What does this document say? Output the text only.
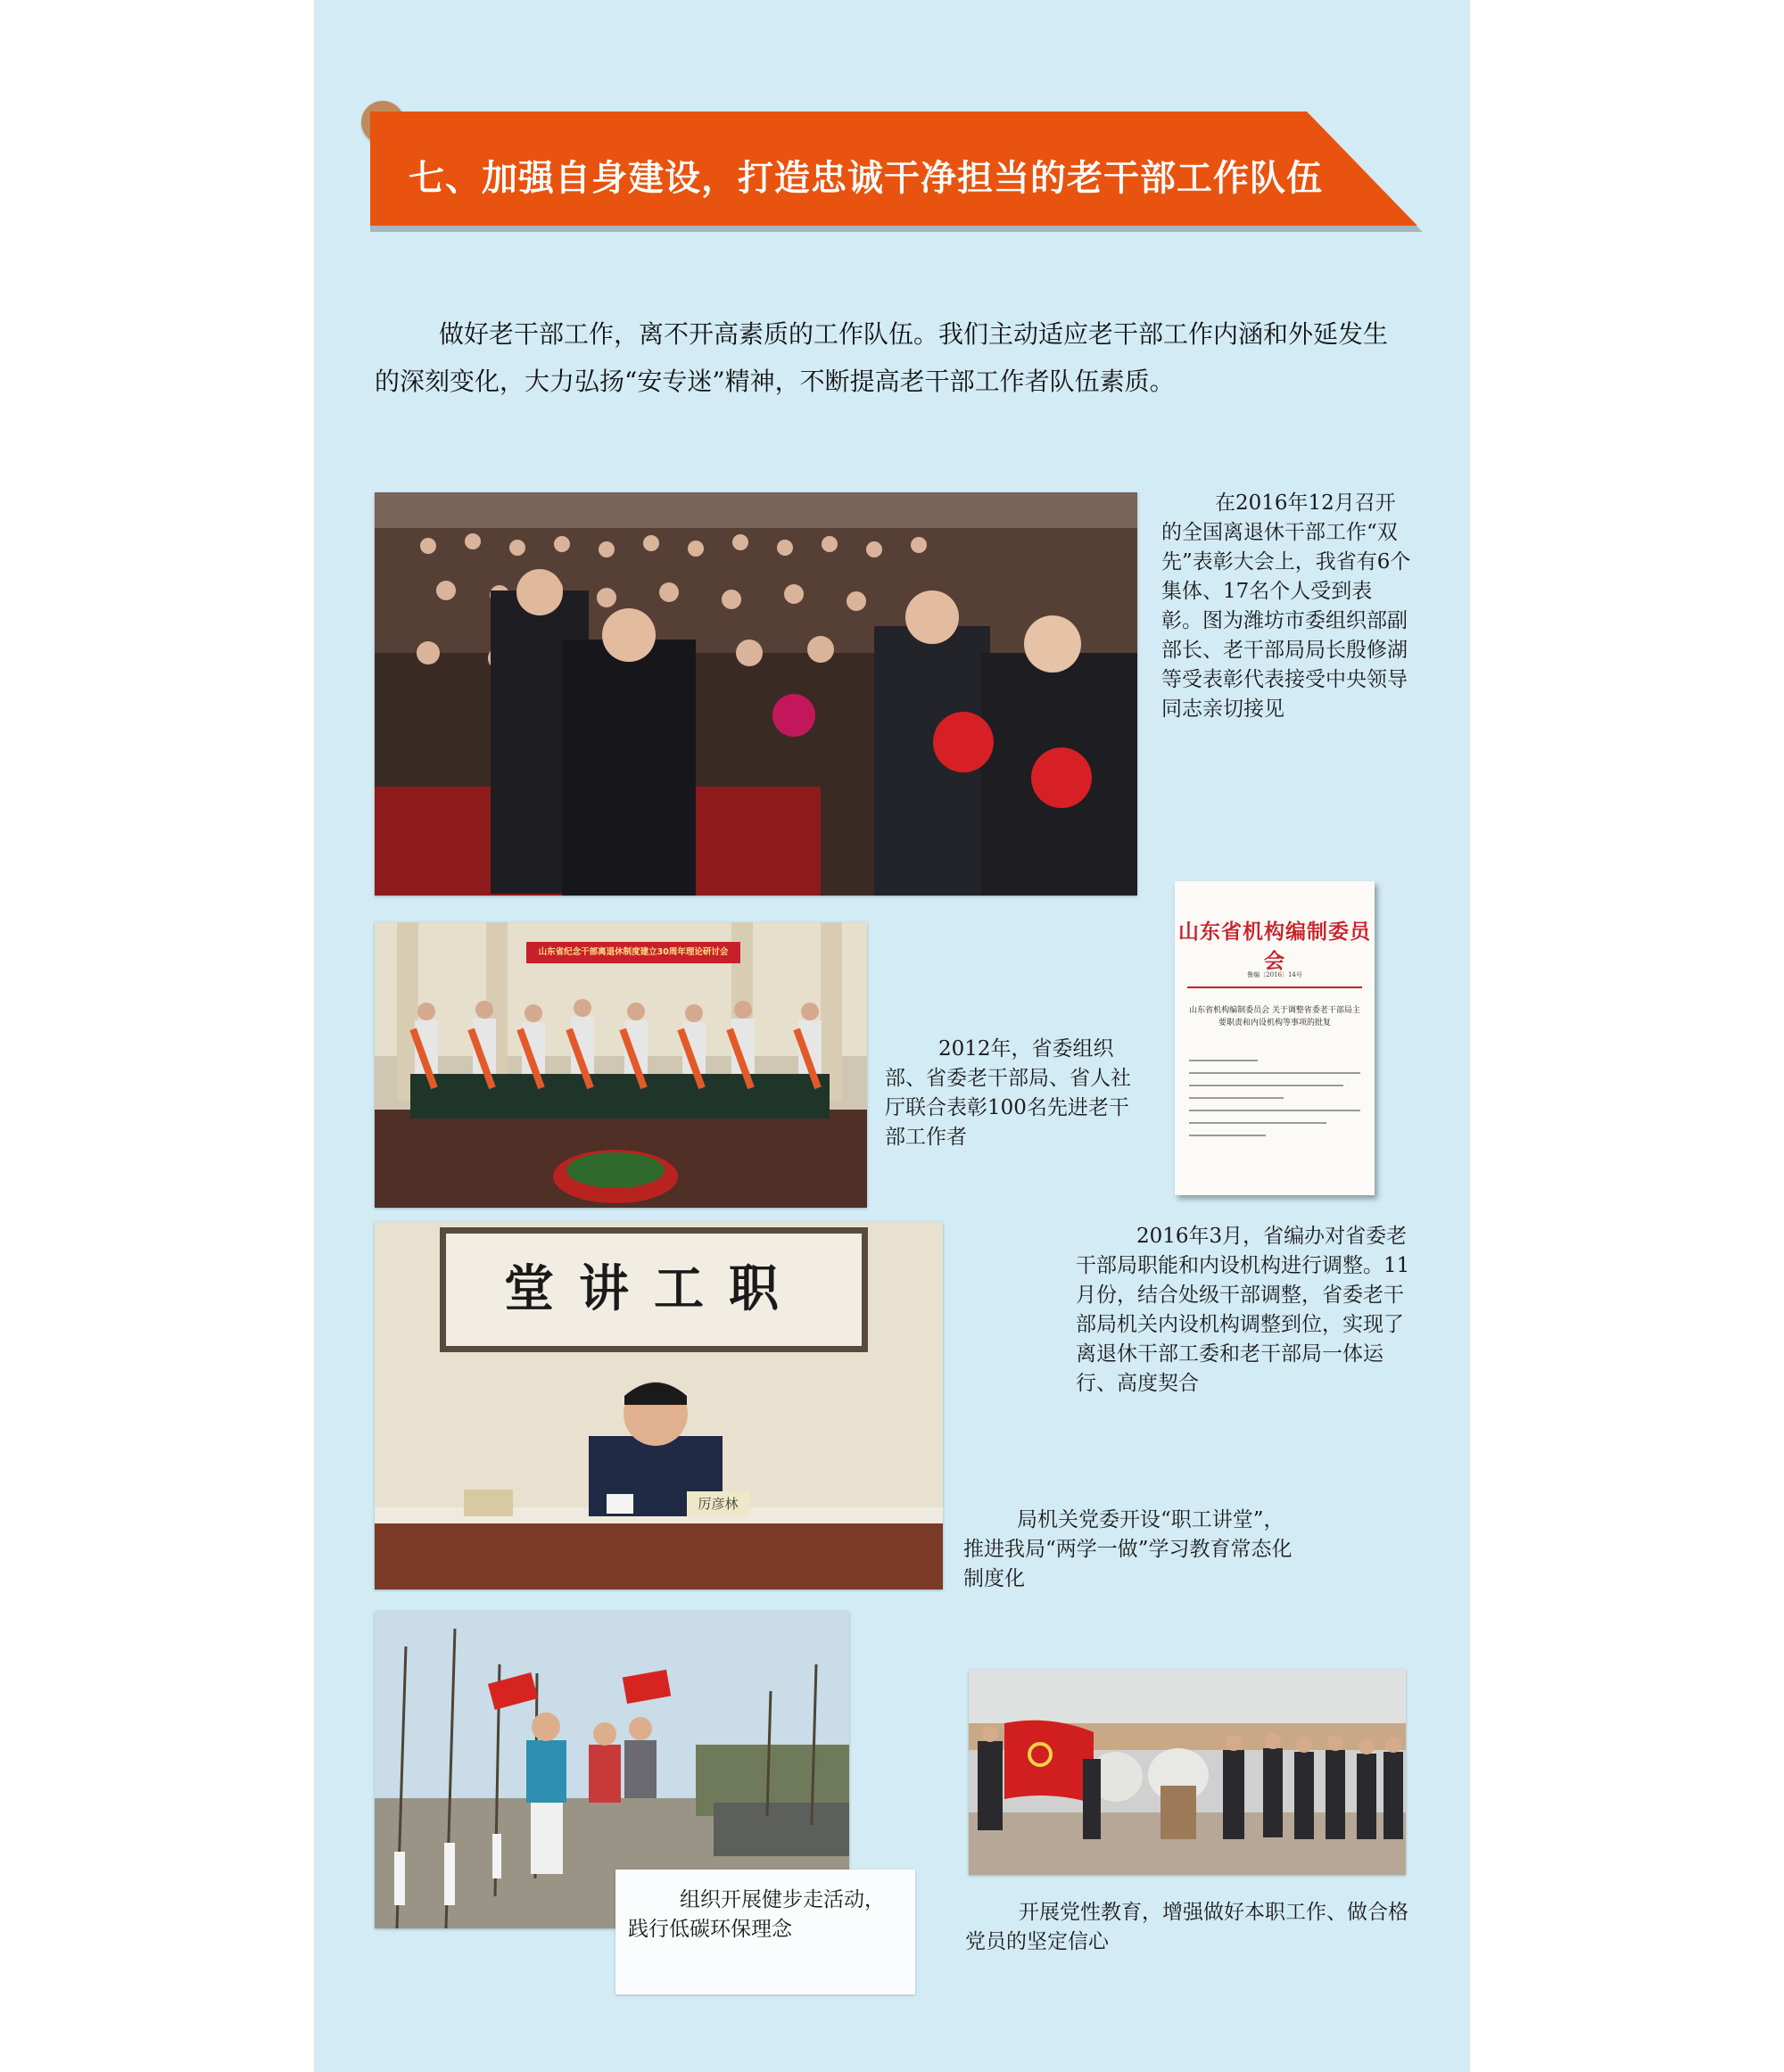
七、加强自身建设，打造忠诚干净担当的老干部工作队伍

做好老干部工作，离不开高素质的工作队伍。我们主动适应老干部工作内涵和外延发生的深刻变化，大力弘扬“安专迷”精神，不断提高老干部工作者队伍素质。

在2016年12月召开的全国离退休干部工作“双先”表彰大会上，我省有6个集体、17名个人受到表彰。图为潍坊市委组织部副部长、老干部局局长殷修湖等受表彰代表接受中央领导同志亲切接见

山东省纪念干部离退休制度建立30周年理论研讨会

2012年，省委组织部、省委老干部局、省人社厅联合表彰100名先进老干部工作者

山东省机构编制委员会
鲁编〔2016〕14号
山东省机构编制委员会 关于调整省委老干部局主要职责和内设机构等事项的批复
堂讲工职
厉彦林

2016年3月，省编办对省委老干部局职能和内设机构进行调整。11月份，结合处级干部调整，省委老干部局机关内设机构调整到位，实现了离退休干部工委和老干部局一体运行、高度契合

局机关党委开设“职工讲堂”，推进我局“两学一做”学习教育常态化制度化

组织开展健步走活动，践行低碳环保理念

开展党性教育，增强做好本职工作、做合格党员的坚定信心
